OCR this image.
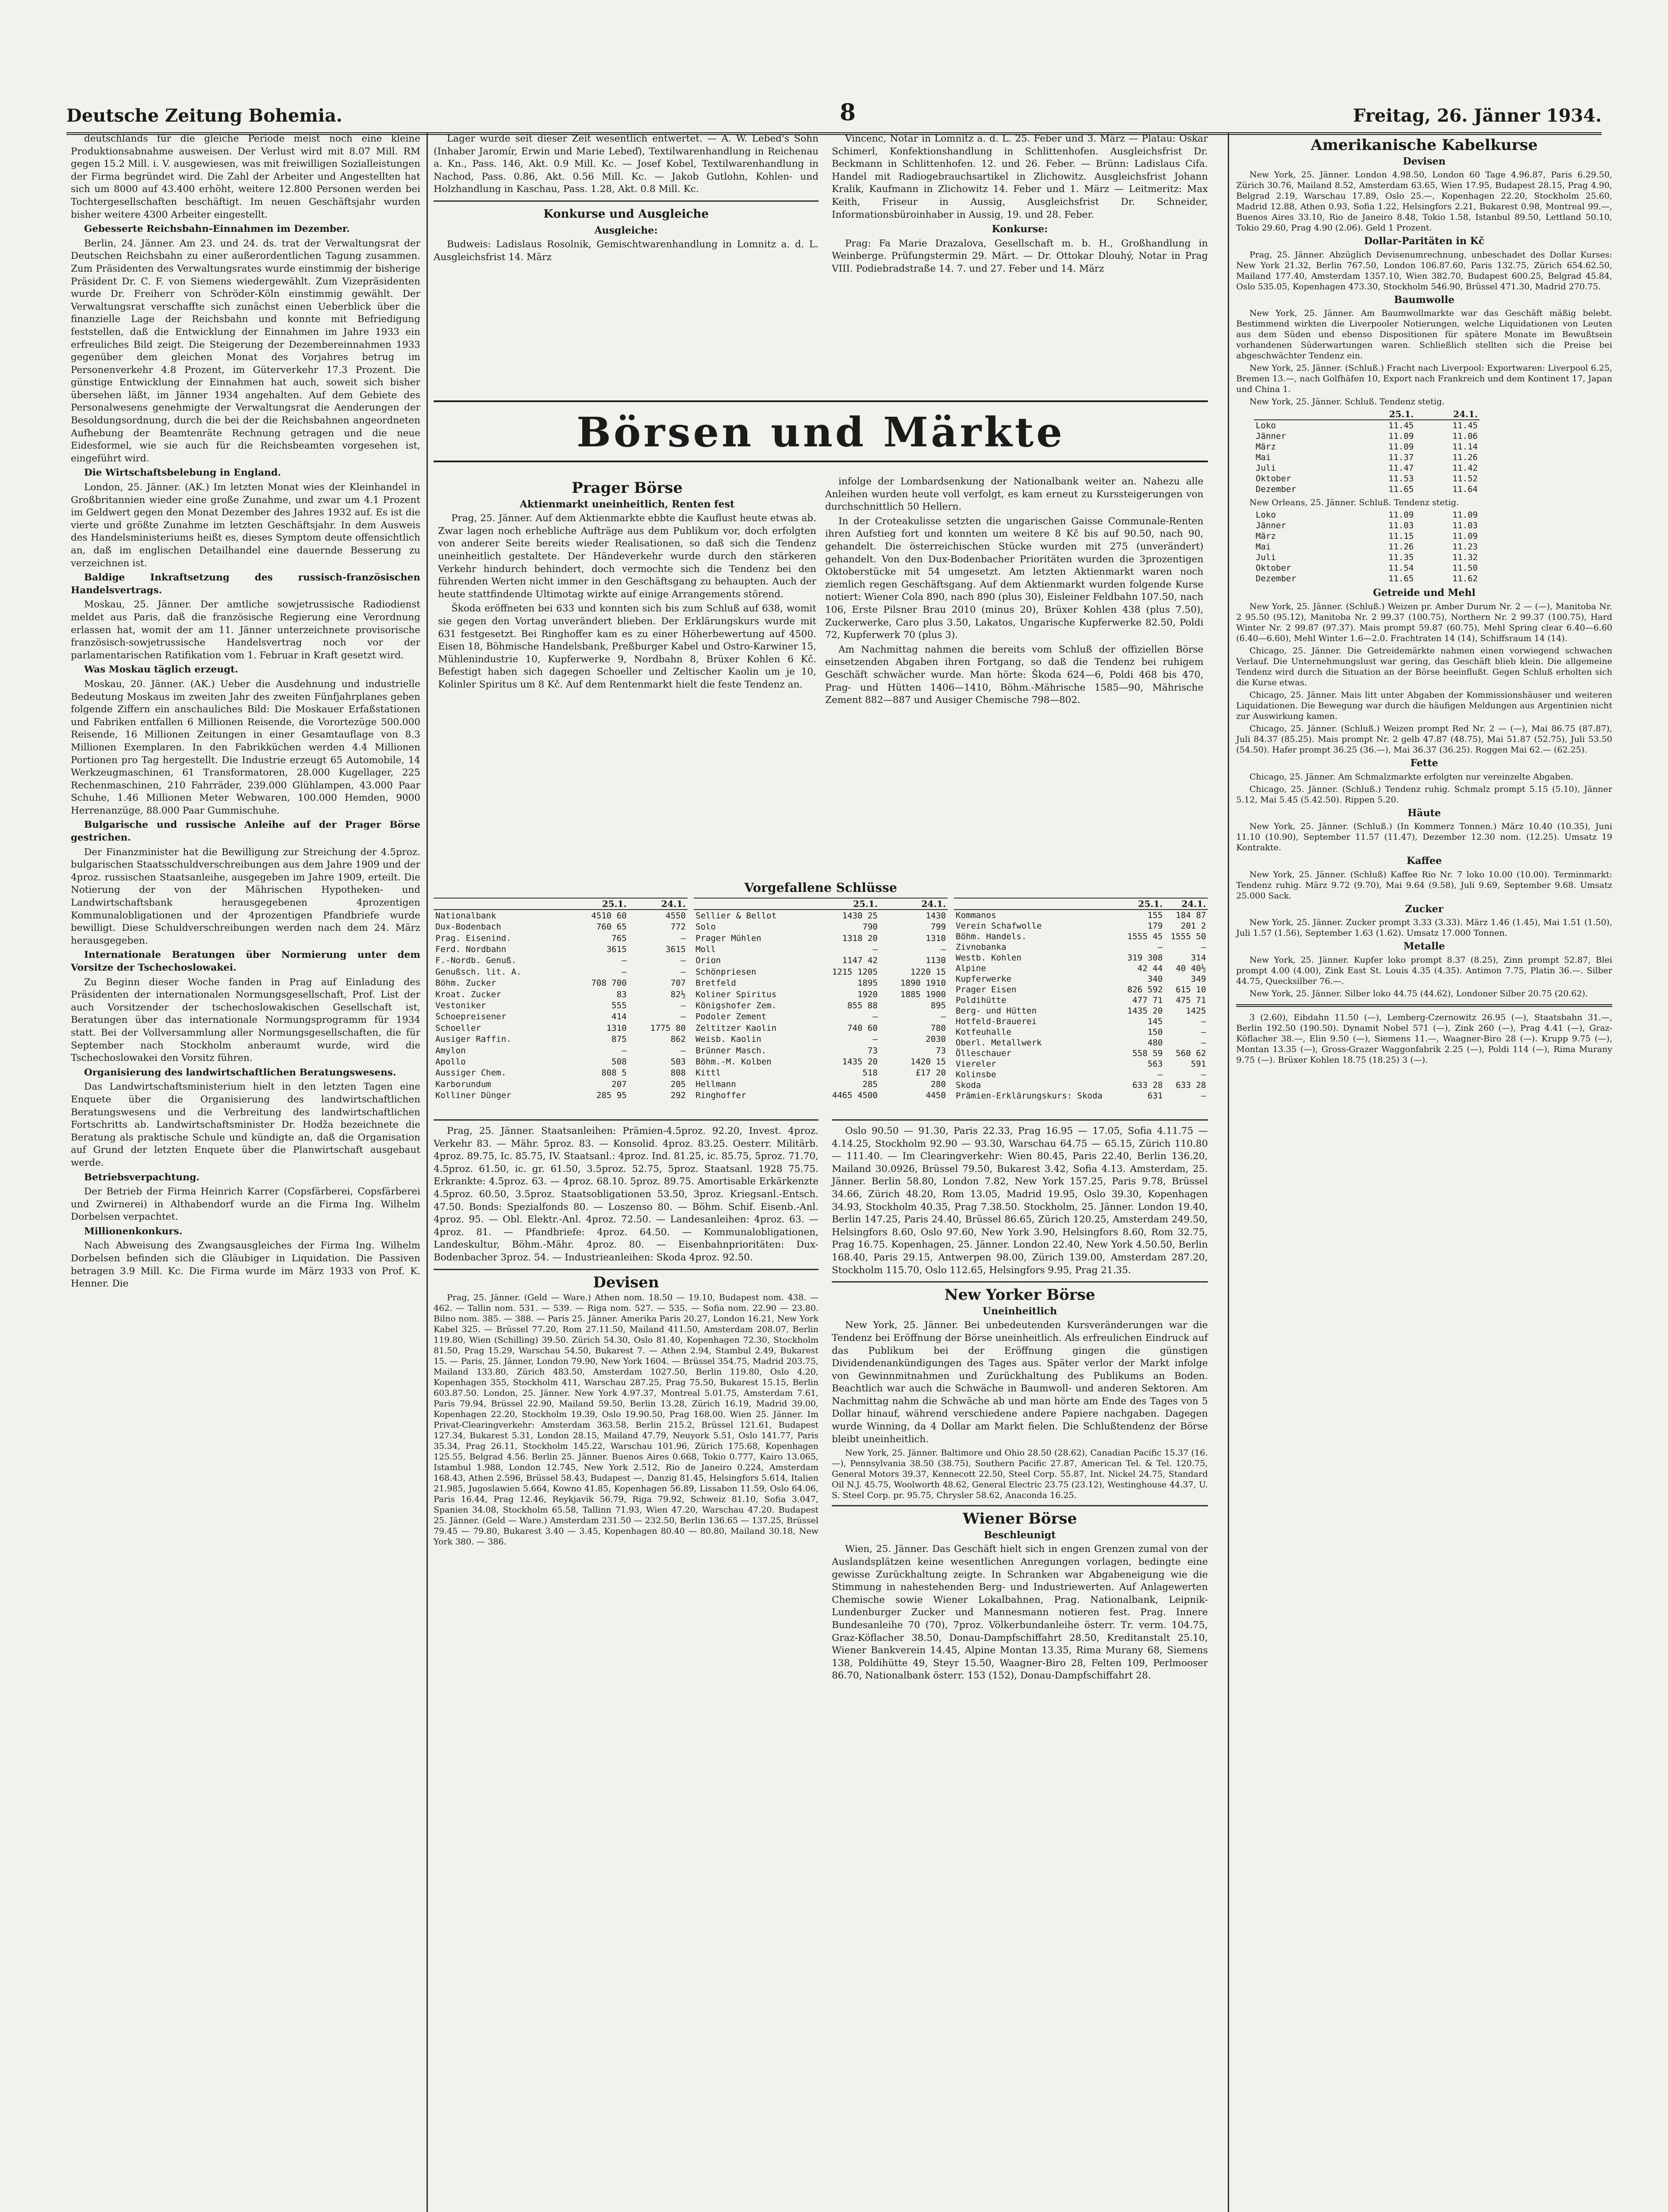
Deutsche Zeitung Bohemia.	8	Freitag, 26. Jänner 1934.

deutschlands für die gleiche Periode meist noch eine kleine Produktionsabnahme ausweisen. Der Verlust wird mit 8.07 Mill. RM gegen 15.2 Mill. i. V. ausgewiesen, was mit freiwilligen Sozialleistungen der Firma begründet wird. Die Zahl der Arbeiter und Angestellten hat sich um 8000 auf 43.400 erhöht, weitere 12.800 Personen werden bei Tochtergesellschaften beschäftigt. Im neuen Geschäftsjahr wurden bisher weitere 4300 Arbeiter eingestellt.

Gebesserte Reichsbahn-Einnahmen im Dezember.

Berlin, 24. Jänner. Am 23. und 24. ds. trat der Verwaltungsrat der Deutschen Reichsbahn zu einer außerordentlichen Tagung zusammen. Zum Präsidenten des Verwaltungsrates wurde einstimmig der bisherige Präsident Dr. C. F. von Siemens wiedergewählt. Zum Vizepräsidenten wurde Dr. Freiherr von Schröder-Köln einstimmig gewählt. Der Verwaltungsrat verschaffte sich zunächst einen Ueberblick über die finanzielle Lage der Reichsbahn und konnte mit Befriedigung feststellen, daß die Entwicklung der Einnahmen im Jahre 1933 ein erfreuliches Bild zeigt. Die Steigerung der Dezembereinnahmen 1933 gegenüber dem gleichen Monat des Vorjahres betrug im Personenverkehr 4.8 Prozent, im Güterverkehr 17.3 Prozent. Die günstige Entwicklung der Einnahmen hat auch, soweit sich bisher übersehen läßt, im Jänner 1934 angehalten. Auf dem Gebiete des Personalwesens genehmigte der Verwaltungsrat die Aenderungen der Besoldungsordnung, durch die bei der die Reichsbahnen angeordneten Aufhebung der Beamtenräte Rechnung getragen und die neue Eidesformel, wie sie auch für die Reichsbeamten vorgesehen ist, eingeführt wird.

Die Wirtschaftsbelebung in England.

London, 25. Jänner. (AK.) Im letzten Monat wies der Kleinhandel in Großbritannien wieder eine große Zunahme, und zwar um 4.1 Prozent im Geldwert gegen den Monat Dezember des Jahres 1932 auf. Es ist die vierte und größte Zunahme im letzten Geschäftsjahr. In dem Ausweis des Handelsministeriums heißt es, dieses Symptom deute offensichtlich an, daß im englischen Detailhandel eine dauernde Besserung zu verzeichnen ist.

Baldige Inkraftsetzung des russisch-französischen Handelsvertrags.

Moskau, 25. Jänner. Der amtliche sowjetrussische Radiodienst meldet aus Paris, daß die französische Regierung eine Verordnung erlassen hat, womit der am 11. Jänner unterzeichnete provisorische französisch-sowjetrussische Handelsvertrag noch vor der parlamentarischen Ratifikation vom 1. Februar in Kraft gesetzt wird.

Was Moskau täglich erzeugt.

Moskau, 20. Jänner. (AK.) Ueber die Ausdehnung und industrielle Bedeutung Moskaus im zweiten Jahr des zweiten Fünfjahrplanes geben folgende Ziffern ein anschauliches Bild: Die Moskauer Erfaßstationen und Fabriken entfallen 6 Millionen Reisende, die Vorortezüge 500.000 Reisende, 16 Millionen Zeitungen in einer Gesamtauflage von 8.3 Millionen Exemplaren. In den Fabrikküchen werden 4.4 Millionen Portionen pro Tag hergestellt. Die Industrie erzeugt 65 Automobile, 14 Werkzeugmaschinen, 61 Transformatoren, 28.000 Kugellager, 225 Rechenmaschinen, 210 Fahrräder, 239.000 Glühlampen, 43.000 Paar Schuhe, 1.46 Millionen Meter Webwaren, 100.000 Hemden, 9000 Herrenanzüge, 88.000 Paar Gummischuhe.

Bulgarische und russische Anleihe auf der Prager Börse gestrichen.

Der Finanzminister hat die Bewilligung zur Streichung der 4.5proz. bulgarischen Staatsschuldverschreibungen aus dem Jahre 1909 und der 4proz. russischen Staatsanleihe, ausgegeben im Jahre 1909, erteilt. Die Notierung der von der Mährischen Hypotheken- und Landwirtschaftsbank herausgegebenen 4prozentigen Kommunalobligationen und der 4prozentigen Pfandbriefe wurde bewilligt. Diese Schuldverschreibungen werden nach dem 24. März herausgegeben.

Internationale Beratungen über Normierung unter dem Vorsitze der Tschechoslowakei.

Zu Beginn dieser Woche fanden in Prag auf Einladung des Präsidenten der internationalen Normungsgesellschaft, Prof. List der auch Vorsitzender der tschechoslowakischen Gesellschaft ist, Beratungen über das internationale Normungsprogramm für 1934 statt. Bei der Vollversammlung aller Normungsgesellschaften, die für September nach Stockholm anberaumt wurde, wird die Tschechoslowakei den Vorsitz führen.

Organisierung des landwirtschaftlichen Beratungswesens.

Das Landwirtschaftsministerium hielt in den letzten Tagen eine Enquete über die Organisierung des landwirtschaftlichen Beratungswesens und die Verbreitung des landwirtschaftlichen Fortschritts ab. Landwirtschaftsminister Dr. Hodža bezeichnete die Beratung als praktische Schule und kündigte an, daß die Organisation auf Grund der letzten Enquete über die Planwirtschaft ausgebaut werde.

Betriebsverpachtung.

Der Betrieb der Firma Heinrich Karrer (Copsfärberei, Copsfärberei und Zwirnerei) in Althabendorf wurde an die Firma Ing. Wilhelm Dorbelsen verpachtet.

Millionenkonkurs.

Nach Abweisung des Zwangsausgleiches der Firma Ing. Wilhelm Dorbelsen befinden sich die Gläubiger in Liquidation. Die Passiven betragen 3.9 Mill. Kc. Die Firma wurde im März 1933 von Prof. K. Henner. Die

Lager wurde seit dieser Zeit wesentlich entwertet. — A. W. Lebed's Sohn (Inhaber Jaromír, Erwin und Marie Lebeď), Textilwarenhandlung in Reichenau a. Kn., Pass. 146, Akt. 0.9 Mill. Kc. — Josef Kobel, Textilwarenhandlung in Nachod, Pass. 0.86, Akt. 0.56 Mill. Kc. — Jakob Gutlohn, Kohlen- und Holzhandlung in Kaschau, Pass. 1.28, Akt. 0.8 Mill. Kc.

Konkurse und Ausgleiche
Ausgleiche:

Budweis: Ladislaus Rosolnik, Gemischtwarenhandlung in Lomnitz a. d. L. Ausgleichsfrist 14. März

Vincenc, Notar in Lomnitz a. d. L. 25. Feber und 3. März — Platau: Oskar Schimerl, Konfektionshandlung in Schlittenhofen. Ausgleichsfrist Dr. Beckmann in Schlittenhofen. 12. und 26. Feber. — Brünn: Ladislaus Cifa. Handel mit Radiogebrauchsartikel in Zlichowitz. Ausgleichsfrist Johann Kralik, Kaufmann in Zlichowitz 14. Feber und 1. März — Leitmeritz: Max Keith, Friseur in Aussig, Ausgleichsfrist Dr. Schneider, Informationsbüroinhaber in Aussig, 19. und 28. Feber.

Konkurse:

Prag: Fa Marie Drazalova, Gesellschaft m. b. H., Großhandlung in Weinberge. Prüfungstermin 29. Märt. — Dr. Ottokar Dlouhý, Notar in Prag VIII. Podiebradstraße 14. 7. und 27. Feber und 14. März

Börsen und Märkte
Prager Börse
Aktienmarkt uneinheitlich, Renten fest

Prag, 25. Jänner. Auf dem Aktienmarkte ebbte die Kauflust heute etwas ab. Zwar lagen noch erhebliche Aufträge aus dem Publikum vor, doch erfolgten von anderer Seite bereits wieder Realisationen, so daß sich die Tendenz uneinheitlich gestaltete. Der Händeverkehr wurde durch den stärkeren Verkehr hindurch behindert, doch vermochte sich die Tendenz bei den führenden Werten nicht immer in den Geschäftsgang zu behaupten. Auch der heute stattfindende Ultimotag wirkte auf einige Arrangements störend.

Škoda eröffneten bei 633 und konnten sich bis zum Schluß auf 638, womit sie gegen den Vortag unverändert blieben. Der Erklärungskurs wurde mit 631 festgesetzt. Bei Ringhoffer kam es zu einer Höherbewertung auf 4500. Eisen 18, Böhmische Handelsbank, Preßburger Kabel und Ostro-Karwiner 15, Mühlenindustrie 10, Kupferwerke 9, Nordbahn 8, Brüxer Kohlen 6 Kč. Befestigt haben sich dagegen Schoeller und Zeltischer Kaolin um je 10, Kolinler Spiritus um 8 Kč. Auf dem Rentenmarkt hielt die feste Tendenz an.

infolge der Lombardsenkung der Nationalbank weiter an. Nahezu alle Anleihen wurden heute voll verfolgt, es kam erneut zu Kurssteigerungen von durchschnittlich 50 Hellern.

In der Croteakulisse setzten die ungarischen Gaisse Communale-Renten ihren Aufstieg fort und konnten um weitere 8 Kč bis auf 90.50, nach 90, gehandelt. Die österreichischen Stücke wurden mit 275 (unverändert) gehandelt. Von den Dux-Bodenbacher Prioritäten wurden die 3prozentigen Oktoberstücke mit 54 umgesetzt. Am letzten Aktienmarkt waren noch ziemlich regen Geschäftsgang. Auf dem Aktienmarkt wurden folgende Kurse notiert: Wiener Cola 890, nach 890 (plus 30), Eisleiner Feldbahn 107.50, nach 106, Erste Pilsner Brau 2010 (minus 20), Brüxer Kohlen 438 (plus 7.50), Zuckerwerke, Caro plus 3.50, Lakatos, Ungarische Kupferwerke 82.50, Poldi 72, Kupferwerk 70 (plus 3).

Am Nachmittag nahmen die bereits vom Schluß der offiziellen Börse einsetzenden Abgaben ihren Fortgang, so daß die Tendenz bei ruhigem Geschäft schwächer wurde. Man hörte: Škoda 624—6, Poldi 468 bis 470, Prag- und Hütten 1406—1410, Böhm.-Mährische 1585—90, Mährische Zement 882—887 und Ausiger Chemische 798—802.

Vorgefallene Schlüsse
	25.1.	24.1.
Nationalbank	4510 60	4550
Dux-Bodenbach	760 65	772
Prag. Eisenind.	765	—
Ferd. Nordbahn	3615	3615
F.-Nordb. Genuß.	—	—
Genußsch. lit. A.	—	—
Böhm. Zucker	708 700	707
Kroat. Zucker	83	82½
Vestoniker	555	—
Schoepreisener	414	—
Schoeller	1310	1775 80
Ausiger Raffin.	875	862
Amylon	—	—
Apollo	508	503
Aussiger Chem.	808 5	808
Karborundum	207	205
Kolliner Dünger	285 95	292
	25.1.	24.1.
Sellier & Bellot	1430 25	1430
Solo	790	799
Prager Mühlen	1318 20	1310
Moll	—	—
Orion	1147 42	1130
Schönpriesen	1215 1205	1220 15
Bretfeld	1895	1890 1910
Koliner Spiritus	1920	1885 1900
Königshofer Zem.	855 88	895
Podoler Zement	—	—
Zeltitzer Kaolin	740 60	780
Weisb. Kaolin	—	2030
Brünner Masch.	73	73
Böhm.-M. Kolben	1435 20	1420 15
Kittl	518	£17 20
Hellmann	285	280
Ringhoffer	4465 4500	4450
	25.1.	24.1.
Kommanos	155	184 87
Verein Schafwolle	179	201 2
Böhm. Handels.	1555 45	1555 50
Zivnobanka	—	—
Westb. Kohlen	319 308	314
Alpine	42 44	40 40½
Kupferwerke	340	349
Prager Eisen	826 592	615 10
Poldihütte	477 71	475 71
Berg- und Hütten	1435 20	1425
Hotfeld-Brauerei	145	—
Kotfeuhalle	150	—
Oberl. Metallwerk	480	—
Ölleschauer	558 59	560 62
Viereler	563	591
Kolinsbe	—	—
Skoda	633 28	633 28
Prämien-Erklärungskurs: Skoda	631	—

Prag, 25. Jänner. Staatsanleihen: Prämien-4.5proz. 92.20, Invest. 4proz. Verkehr 83. — Mähr. 5proz. 83. — Konsolid. 4proz. 83.25. Oesterr. Militärb. 4proz. 89.75, Ic. 85.75, IV. Staatsanl.: 4proz. Ind. 81.25, ic. 85.75, 5proz. 71.70, 4.5proz. 61.50, ic. gr. 61.50, 3.5proz. 52.75, 5proz. Staatsanl. 1928 75.75. Erkrankte: 4.5proz. 63. — 4proz. 68.10. 5proz. 89.75. Amortisable Erkärkenzte 4.5proz. 60.50, 3.5proz. Staatsobligationen 53.50, 3proz. Kriegsanl.-Entsch. 47.50. Bonds: Spezialfonds 80. — Loszenso 80. — Böhm. Schif. Eisenb.-Anl. 4proz. 95. — Obl. Elektr.-Anl. 4proz. 72.50. — Landesanleihen: 4proz. 63. — 4proz. 81. — Pfandbriefe: 4proz. 64.50. — Kommunalobligationen, Landeskultur, Böhm.-Mähr. 4proz. 80. — Eisenbahnprioritäten: Dux-Bodenbacher 3proz. 54. — Industrieanleihen: Skoda 4proz. 92.50.

Devisen

Prag, 25. Jänner. (Geld — Ware.) Athen nom. 18.50 — 19.10, Budapest nom. 438. — 462. — Tallin nom. 531. — 539. — Riga nom. 527. — 535. — Sofia nom. 22.90 — 23.80. Bilno nom. 385. — 388. — Paris 25. Jänner. Amerika Paris 20.27, London 16.21, New York Kabel 325. — Brüssel 77.20, Rom 27.11.50, Mailand 411.50, Amsterdam 208.07, Berlin 119.80, Wien (Schilling) 39.50. Zürich 54.30, Oslo 81.40, Kopenhagen 72.30, Stockholm 81.50, Prag 15.29, Warschau 54.50, Bukarest 7. — Athen 2.94, Stambul 2.49, Bukarest 15. — Paris, 25. Jänner, London 79.90, New York 1604. — Brüssel 354.75, Madrid 203.75, Mailand 133.80, Zürich 483.50, Amsterdam 1027.50, Berlin 119.80, Oslo 4.20, Kopenhagen 355, Stockholm 411, Warschau 287.25, Prag 75.50, Bukarest 15.15, Berlin 603.87.50. London, 25. Jänner. New York 4.97.37, Montreal 5.01.75, Amsterdam 7.61, Paris 79.94, Brüssel 22.90, Mailand 59.50, Berlin 13.28, Zürich 16.19, Madrid 39.00, Kopenhagen 22.20, Stockholm 19.39, Oslo 19.90.50, Prag 168.00. Wien 25. Jänner. Im Privat-Clearingverkehr: Amsterdam 363.58, Berlin 215.2, Brüssel 121.61, Budapest 127.34, Bukarest 5.31, London 28.15, Mailand 47.79, Neuyork 5.51, Oslo 141.77, Paris 35.34, Prag 26.11, Stockholm 145.22, Warschau 101.96, Zürich 175.68, Kopenhagen 125.55, Belgrad 4.56. Berlin 25. Jänner. Buenos Aires 0.668, Tokio 0.777, Kairo 13.065, Istambul 1.988, London 12.745, New York 2.512, Rio de Janeiro 0.224, Amsterdam 168.43, Athen 2.596, Brüssel 58.43, Budapest —, Danzig 81.45, Helsingfors 5.614, Italien 21.985, Jugoslawien 5.664, Kowno 41.85, Kopenhagen 56.89, Lissabon 11.59, Oslo 64.06, Paris 16.44, Prag 12.46, Reykjavik 56.79, Riga 79.92, Schweiz 81.10, Sofia 3.047, Spanien 34.08, Stockholm 65.58, Tallinn 71.93, Wien 47.20, Warschau 47.20. Budapest 25. Jänner. (Geld — Ware.) Amsterdam 231.50 — 232.50, Berlin 136.65 — 137.25, Brüssel 79.45 — 79.80, Bukarest 3.40 — 3.45, Kopenhagen 80.40 — 80.80, Mailand 30.18, New York 380. — 386.

Oslo 90.50 — 91.30, Paris 22.33, Prag 16.95 — 17.05, Sofia 4.11.75 — 4.14.25, Stockholm 92.90 — 93.30, Warschau 64.75 — 65.15, Zürich 110.80 — 111.40. — Im Clearingverkehr: Wien 80.45, Paris 22.40, Berlin 136.20, Mailand 30.0926, Brüssel 79.50, Bukarest 3.42, Sofia 4.13. Amsterdam, 25. Jänner. Berlin 58.80, London 7.82, New York 157.25, Paris 9.78, Brüssel 34.66, Zürich 48.20, Rom 13.05, Madrid 19.95, Oslo 39.30, Kopenhagen 34.93, Stockholm 40.35, Prag 7.38.50. Stockholm, 25. Jänner. London 19.40, Berlin 147.25, Paris 24.40, Brüssel 86.65, Zürich 120.25, Amsterdam 249.50, Helsingfors 8.60, Oslo 97.60, New York 3.90, Helsingfors 8.60, Rom 32.75, Prag 16.75. Kopenhagen, 25. Jänner. London 22.40, New York 4.50.50, Berlin 168.40, Paris 29.15, Antwerpen 98.00, Zürich 139.00, Amsterdam 287.20, Stockholm 115.70, Oslo 112.65, Helsingfors 9.95, Prag 21.35.

New Yorker Börse
Uneinheitlich

New York, 25. Jänner. Bei unbedeutenden Kursveränderungen war die Tendenz bei Eröffnung der Börse uneinheitlich. Als erfreulichen Eindruck auf das Publikum bei der Eröffnung gingen die günstigen Dividendenankündigungen des Tages aus. Später verlor der Markt infolge von Gewinnmitnahmen und Zurückhaltung des Publikums an Boden. Beachtlich war auch die Schwäche in Baumwoll- und anderen Sektoren. Am Nachmittag nahm die Schwäche ab und man hörte am Ende des Tages von 5 Dollar hinauf, während verschiedene andere Papiere nachgaben. Dagegen wurde Winning, da 4 Dollar am Markt fielen. Die Schlußtendenz der Börse bleibt uneinheitlich.

New York, 25. Jänner. Baltimore und Ohio 28.50 (28.62), Canadian Pacific 15.37 (16.—), Pennsylvania 38.50 (38.75), Southern Pacific 27.87, American Tel. & Tel. 120.75, General Motors 39.37, Kennecott 22.50, Steel Corp. 55.87, Int. Nickel 24.75, Standard Oil N.J. 45.75, Woolworth 48.62, General Electric 23.75 (23.12), Westinghouse 44.37, U. S. Steel Corp. pr. 95.75, Chrysler 58.62, Anaconda 16.25.

Wiener Börse
Beschleunigt

Wien, 25. Jänner. Das Geschäft hielt sich in engen Grenzen zumal von der Auslandsplätzen keine wesentlichen Anregungen vorlagen, bedingte eine gewisse Zurückhaltung zeigte. In Schranken war Abgabeneigung wie die Stimmung in nahestehenden Berg- und Industriewerten. Auf Anlagewerten Chemische sowie Wiener Lokalbahnen, Prag. Nationalbank, Leipnik-Lundenburger Zucker und Mannesmann notieren fest. Prag. Innere Bundesanleihe 70 (70), 7proz. Völkerbundanleihe österr. Tr. verm. 104.75, Graz-Köflacher 38.50, Donau-Dampfschiffahrt 28.50, Kreditanstalt 25.10, Wiener Bankverein 14.45, Alpine Montan 13.35, Rima Murany 68, Siemens 138, Poldihütte 49, Steyr 15.50, Waagner-Biro 28, Felten 109, Perlmooser 86.70, Nationalbank österr. 153 (152), Donau-Dampfschiffahrt 28.

Amerikanische Kabelkurse
Devisen

New York, 25. Jänner. London 4.98.50, London 60 Tage 4.96.87, Paris 6.29.50, Zürich 30.76, Mailand 8.52, Amsterdam 63.65, Wien 17.95, Budapest 28.15, Prag 4.90, Belgrad 2.19, Warschau 17.89, Oslo 25.—, Kopenhagen 22.20, Stockholm 25.60, Madrid 12.88, Athen 0.93, Sofia 1.22, Helsingfors 2.21, Bukarest 0.98, Montreal 99.—, Buenos Aires 33.10, Rio de Janeiro 8.48, Tokio 1.58, Istanbul 89.50, Lettland 50.10, Tokio 29.60, Prag 4.90 (2.06). Geld 1 Prozent.

Dollar-Paritäten in Kč

Prag, 25. Jänner. Abzüglich Devisenumrechnung, unbeschadet des Dollar Kurses: New York 21.32, Berlin 767.50, London 106.87.60, Paris 132.75, Zürich 654.62.50, Mailand 177.40, Amsterdam 1357.10, Wien 382.70, Budapest 600.25, Belgrad 45.84, Oslo 535.05, Kopenhagen 473.30, Stockholm 546.90, Brüssel 471.30, Madrid 270.75.

Baumwolle

New York, 25. Jänner. Am Baumwollmarkte war das Geschäft mäßig belebt. Bestimmend wirkten die Liverpooler Notierungen, welche Liquidationen von Leuten aus dem Süden und ebenso Dispositionen für spätere Monate im Bewußtsein vorhandenen Süderwartungen waren. Schließlich stellten sich die Preise bei abgeschwächter Tendenz ein.

New York, 25. Jänner. (Schluß.) Fracht nach Liverpool: Exportwaren: Liverpool 6.25, Bremen 13.—, nach Golfhäfen 10, Export nach Frankreich und dem Kontinent 17, Japan und China 1.

New York, 25. Jänner. Schluß. Tendenz stetig.

	25.1.	24.1.
Loko	11.45	11.45
Jänner	11.09	11.06
März	11.09	11.14
Mai	11.37	11.26
Juli	11.47	11.42
Oktober	11.53	11.52
Dezember	11.65	11.64

New Orleans, 25. Jänner. Schluß. Tendenz stetig.

Loko	11.09	11.09
Jänner	11.03	11.03
März	11.15	11.09
Mai	11.26	11.23
Juli	11.35	11.32
Oktober	11.54	11.50
Dezember	11.65	11.62
Getreide und Mehl

New York, 25. Jänner. (Schluß.) Weizen pr. Amber Durum Nr. 2 — (—), Manitoba Nr. 2 95.50 (95.12), Manitoba Nr. 2 99.37 (100.75), Northern Nr. 2 99.37 (100.75), Hard Winter Nr. 2 99.87 (97.37). Mais prompt 59.87 (60.75), Mehl Spring clear 6.40—6.60 (6.40—6.60), Mehl Winter 1.6—2.0. Frachtraten 14 (14), Schiffsraum 14 (14).

Chicago, 25. Jänner. Die Getreidemärkte nahmen einen vorwiegend schwachen Verlauf. Die Unternehmungslust war gering, das Geschäft blieb klein. Die allgemeine Tendenz wird durch die Situation an der Börse beeinflußt. Gegen Schluß erholten sich die Kurse etwas.

Chicago, 25. Jänner. Mais litt unter Abgaben der Kommissionshäuser und weiteren Liquidationen. Die Bewegung war durch die häufigen Meldungen aus Argentinien nicht zur Auswirkung kamen.

Chicago, 25. Jänner. (Schluß.) Weizen prompt Red Nr. 2 — (—), Mai 86.75 (87.87), Juli 84.37 (85.25). Mais prompt Nr. 2 gelb 47.87 (48.75), Mai 51.87 (52.75), Juli 53.50 (54.50). Hafer prompt 36.25 (36.—), Mai 36.37 (36.25). Roggen Mai 62.— (62.25).

Fette

Chicago, 25. Jänner. Am Schmalzmarkte erfolgten nur vereinzelte Abgaben.

Chicago, 25. Jänner. (Schluß.) Tendenz ruhig. Schmalz prompt 5.15 (5.10), Jänner 5.12, Mai 5.45 (5.42.50). Rippen 5.20.

Häute

New York, 25. Jänner. (Schluß.) (In Kommerz Tonnen.) März 10.40 (10.35), Juni 11.10 (10.90), September 11.57 (11.47), Dezember 12.30 nom. (12.25). Umsatz 19 Kontrakte.

Kaffee

New York, 25. Jänner. (Schluß) Kaffee Rio Nr. 7 loko 10.00 (10.00). Terminmarkt: Tendenz ruhig. März 9.72 (9.70), Mai 9.64 (9.58), Juli 9.69, September 9.68. Umsatz 25.000 Sack.

Zucker

New York, 25. Jänner. Zucker prompt 3.33 (3.33). März 1.46 (1.45), Mai 1.51 (1.50), Juli 1.57 (1.56), September 1.63 (1.62). Umsatz 17.000 Tonnen.

Metalle

New York, 25. Jänner. Kupfer loko prompt 8.37 (8.25), Zinn prompt 52.87, Blei prompt 4.00 (4.00), Zink East St. Louis 4.35 (4.35). Antimon 7.75, Platin 36.—. Silber 44.75, Quecksilber 76.—.

New York, 25. Jänner. Silber loko 44.75 (44.62), Londoner Silber 20.75 (20.62).

3 (2.60), Eibdahn 11.50 (—), Lemberg-Czernowitz 26.95 (—), Staatsbahn 31.—, Berlin 192.50 (190.50). Dynamit Nobel 571 (—), Zink 260 (—), Prag 4.41 (—), Graz-Köflacher 38.—, Elin 9.50 (—), Siemens 11.—, Waagner-Biro 28 (—). Krupp 9.75 (—), Montan 13.35 (—), Gross-Grazer Waggonfabrik 2.25 (—), Poldi 114 (—), Rima Murany 9.75 (—). Brüxer Kohlen 18.75 (18.25) 3 (—).
